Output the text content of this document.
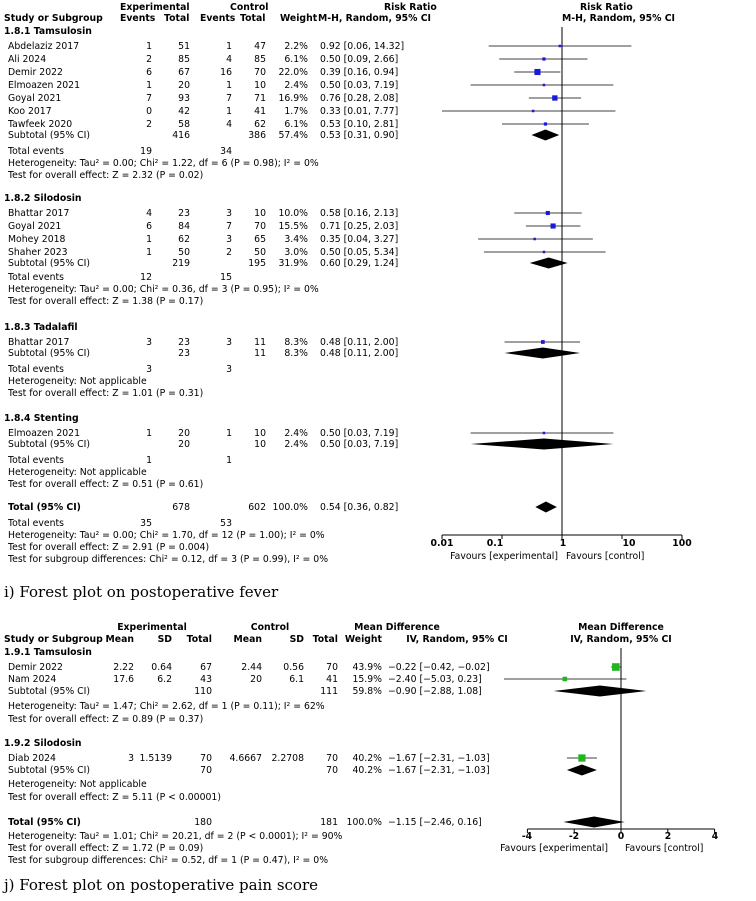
Experimental	Control	Risk Ratio	Risk Ratio
Study or Subgroup Events Total Events Total Weight M-H, Random, 95% CI	M-H, Random, 95% CI
1.8.1 Tamsulosin
Abdelaziz 2017	1	51	1	47	2.2% 0.92 [0.06, 14.32]
Ali 2024	2	85	4	85	6.1% 0.50 [0.09, 2.66]
Demir 2022	6	67	16	70	22.0% 0.39 [0.16, 0.94]
Elmoazen 2021	1	20	1	10	2.4% 0.50 [0.03, 7.19]
Goyal 2021	7	93	7	71	16.9% 0.76 [0.28, 2.08]
Koo 2017	0	42	1	41	1.7% 0.33 [0.01, 7.77]
Tawfeek 2020	2	58	4	62	6.1% 0.53 [0.10, 2.81]
Subtotal (95% CI)	416	386	57.4% 0.53 [0.31, 0.90]
Total events	19	34
Heterogeneity: Tau² = 0.00; Chi² = 1.22, df = 6 (P = 0.98); I² = 0%
Test for overall effect: Z = 2.32 (P = 0.02)
1.8.2 Silodosin
Bhattar 2017	4	23	3	10	10.0% 0.58 [0.16, 2.13]
Goyal 2021	6	84	7	70	15.5% 0.71 [0.25, 2.03]
Mohey 2018	1	62	3	65	3.4% 0.35 [0.04, 3.27]
Shaher 2023	1	50	2	50	3.0% 0.50 [0.05, 5.34]
Subtotal (95% CI)	219	195	31.9% 0.60 [0.29, 1.24]
Total events	12	15
Heterogeneity: Tau² = 0.00; Chi² = 0.36, df = 3 (P = 0.95); I² = 0%
Test for overall effect: Z = 1.38 (P = 0.17)
1.8.3 Tadalafil
Bhattar 2017	3	23	3	11	8.3% 0.48 [0.11, 2.00]
Subtotal (95% CI)	23	11	8.3% 0.48 [0.11, 2.00]
Total events	3	3
Heterogeneity: Not applicable
Test for overall effect: Z = 1.01 (P = 0.31)
1.8.4 Stenting
Elmoazen 2021	1	20	1	10	2.4% 0.50 [0.03, 7.19]
Subtotal (95% CI)	20	10	2.4% 0.50 [0.03, 7.19]
Total events	1	1
Heterogeneity: Not applicable
Test for overall effect: Z = 0.51 (P = 0.61)
Total (95% CI)	678	602 100.0% 0.54 [0.36, 0.82]
Total events	35	53
Heterogeneity: Tau² = 0.00; Chi² = 1.70, df = 12 (P = 1.00); I² = 0%
Test for overall effect: Z = 2.91 (P = 0.004)
Test for subgroup differences: Chi² = 0.12, df = 3 (P = 0.99), I² = 0%
0.01	0.1	1	10	100
Favours [experimental] Favours [control]
i) Forest plot on postoperative fever
Experimental	Control	Mean Difference	Mean Difference
Study or Subgroup Mean	SD	Total	Mean	SD Total Weight	IV, Random, 95% CI	IV, Random, 95% CI
1.9.1 Tamsulosin
Demir 2022	2.22	0.64	67	2.44	0.56	70	43.9% −0.22 [−0.42, −0.02]
Nam 2024	17.6	6.2	43	20	6.1	41	15.9% −2.40 [−5.03, 0.23]
Subtotal (95% CI)	110	111	59.8% −0.90 [−2.88, 1.08]
Heterogeneity: Tau² = 1.47; Chi² = 2.62, df = 1 (P = 0.11); I² = 62%
Test for overall effect: Z = 0.89 (P = 0.37)
1.9.2 Silodosin
Diab 2024	3 1.5139	70	4.6667	2.2708	70	40.2% −1.67 [−2.31, −1.03]
Subtotal (95% CI)	70	70	40.2% −1.67 [−2.31, −1.03]
Heterogeneity: Not applicable
Test for overall effect: Z = 5.11 (P < 0.00001)
Total (95% CI)	180	181 100.0% −1.15 [−2.46, 0.16]
Heterogeneity: Tau² = 1.01; Chi² = 20.21, df = 2 (P < 0.0001); I² = 90%
Test for overall effect: Z = 1.72 (P = 0.09)
Test for subgroup differences: Chi² = 0.52, df = 1 (P = 0.47), I² = 0%
-4	-2	0	2	4
Favours [experimental] Favours [control]
j) Forest plot on postoperative pain score
